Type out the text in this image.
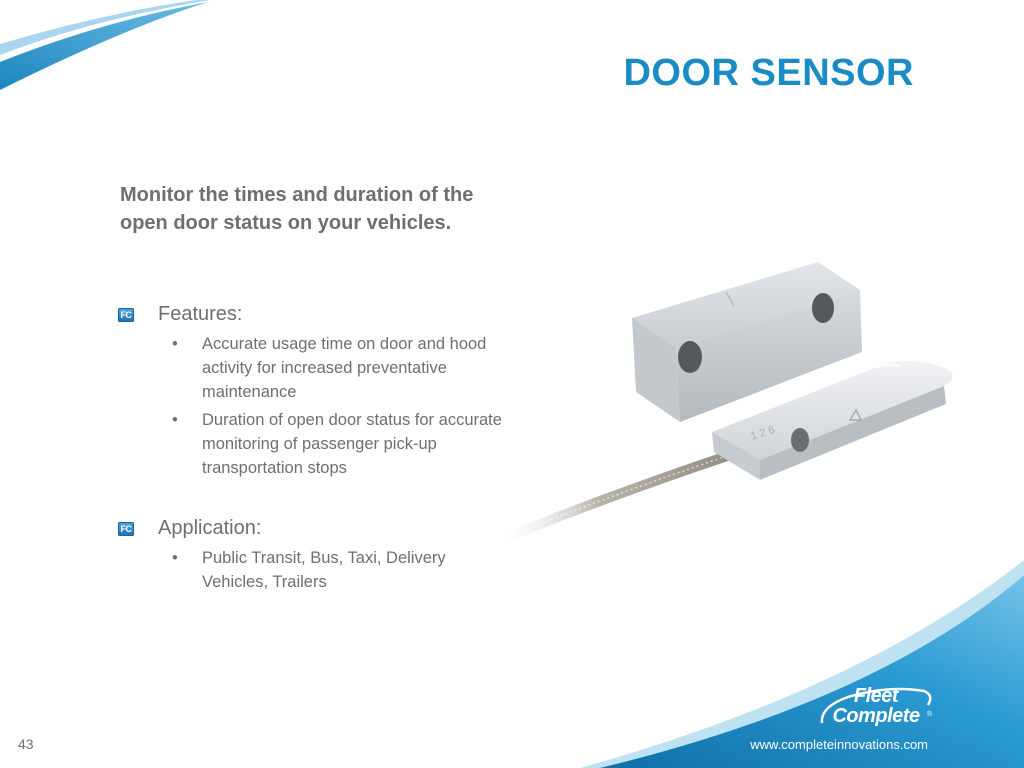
1 2 6
DOOR SENSOR

Monitor the times and duration of the open door status on your vehicles.

FC Features:
• Accurate usage time on door and hood activity for increased preventative maintenance
• Duration of open door status for accurate monitoring of passenger pick-up transportation stops
FC Application:
• Public Transit, Bus, Taxi, Delivery Vehicles, Trailers
Fleet
Complete	®
43	www.completeinnovations.com
